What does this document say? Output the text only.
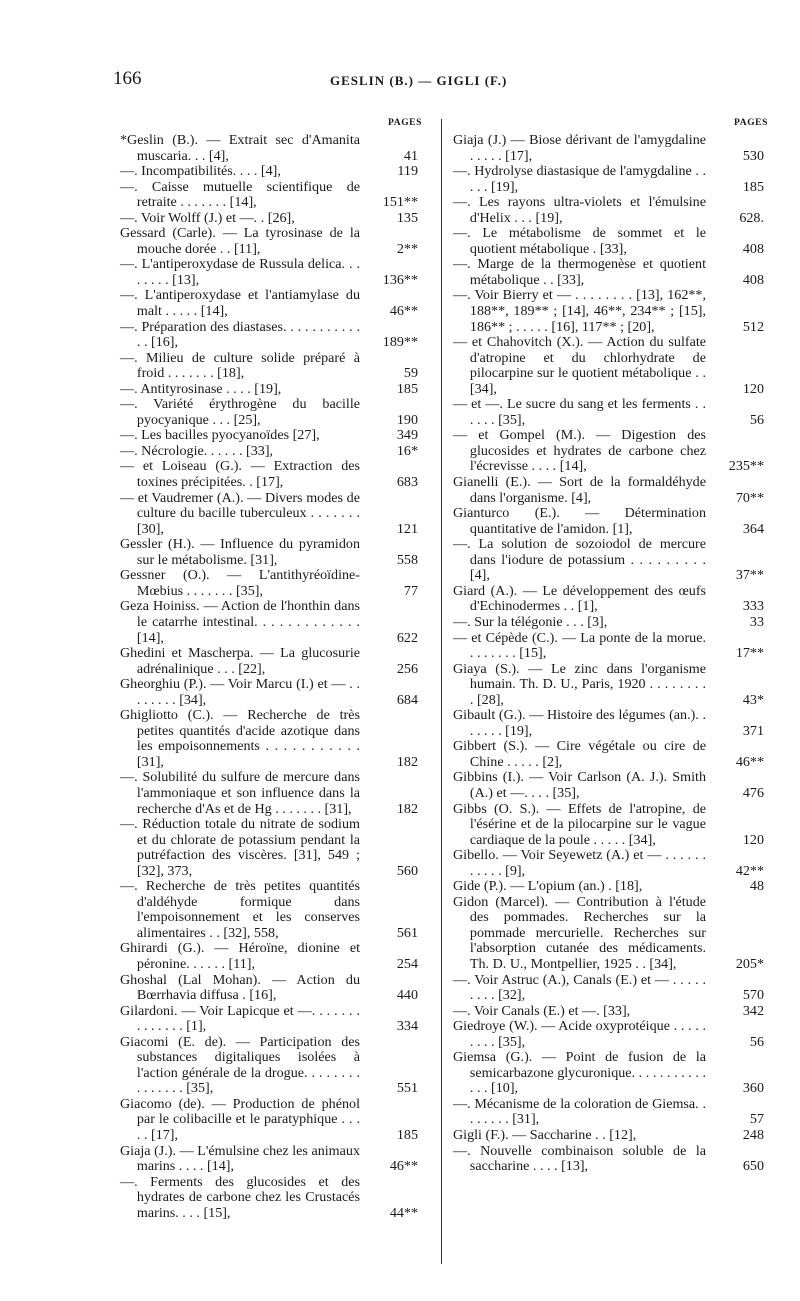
166	GESLIN (B.) — GIGLI (F.)
PAGES
*Geslin (B.). — Extrait sec d'Amanita muscaria. . . [4],	41
—. Incompatibilités. . . . [4],	119
—. Caisse mutuelle scientifique de retraite . . . . . . . [14],	151**
—. Voir Wolff (J.) et —. . [26],	135
Gessard (Carle). — La tyrosinase de la mouche dorée . . [11],	2**
—. L'antiperoxydase de Russula delica. . . . . . . . [13],	136**
—. L'antiperoxydase et l'antiamylase du malt . . . . . [14],	46**
—. Préparation des diastases. . . . . . . . . . . . . [16],	189**
—. Milieu de culture solide préparé à froid . . . . . . . [18],	59
—. Antityrosinase . . . . [19],	185
—. Variété érythrogène du bacille pyocyanique . . . [25],	190
—. Les bacilles pyocyanoïdes [27],	349
—. Nécrologie. . . . . . [33],	16*
— et Loiseau (G.). — Extraction des toxines précipitées. . [17],	683
— et Vaudremer (A.). — Divers modes de culture du bacille tuberculeux . . . . . . . [30],	121
Gessler (H.). — Influence du pyramidon sur le métabolisme. [31],	558
Gessner (O.). — L'antithyréoïdine-Mœbius . . . . . . . [35],	77
Geza Hoiniss. — Action de l'honthin dans le catarrhe intestinal. . . . . . . . . . . . . [14],	622
Ghedini et Mascherpa. — La glucosurie adrénalinique . . . [22],	256
Gheorghiu (P.). — Voir Marcu (I.) et — . . . . . . . . [34],	684
Ghigliotto (C.). — Recherche de très petites quantités d'acide azotique dans les empoisonnements . . . . . . . . . . . [31],	182
—. Solubilité du sulfure de mercure dans l'ammoniaque et son influence dans la recherche d'As et de Hg . . . . . . . [31],	182
—. Réduction totale du nitrate de sodium et du chlorate de potassium pendant la putréfaction des viscères. [31], 549 ; [32], 373,	560
—. Recherche de très petites quantités d'aldéhyde formique dans l'empoisonnement et les conserves alimentaires . . [32], 558,	561
Ghirardi (G.). — Héroïne, dionine et péronine. . . . . . [11],	254
Ghoshal (Lal Mohan). — Action du Bœrrhavia diffusa . [16],	440
Gilardoni. — Voir Lapicque et —. . . . . . . . . . . . . . [1],	334
Giacomi (E. de). — Participation des substances digitaliques isolées à l'action générale de la drogue. . . . . . . . . . . . . . . [35],	551
Giacomo (de). — Production de phénol par le colibacille et le paratyphique . . . . . [17],	185
Giaja (J.). — L'émulsine chez les animaux marins . . . . [14],	46**
—. Ferments des glucosides et des hydrates de carbone chez les Crustacés marins. . . . [15],	44**
PAGES
Giaja (J.) — Biose dérivant de l'amygdaline . . . . . [17],	530
—. Hydrolyse diastasique de l'amygdaline . . . . . [19],	185
—. Les rayons ultra-violets et l'émulsine d'Helix . . . [19],	628.
—. Le métabolisme de sommet et le quotient métabolique . [33],	408
—. Marge de la thermogenèse et quotient métabolique . . [33],	408
—. Voir Bierry et — . . . . . . . . [13], 162**, 188**, 189** ; [14], 46**, 234** ; [15], 186** ; . . . . . [16], 117** ; [20],	512
— et Chahovitch (X.). — Action du sulfate d'atropine et du chlorhydrate de pilocarpine sur le quotient métabolique . . [34],	120
— et —. Le sucre du sang et les ferments . . . . . . [35],	56
— et Gompel (M.). — Digestion des glucosides et hydrates de carbone chez l'écrevisse . . . . [14],	235**
Gianelli (E.). — Sort de la formaldéhyde dans l'organisme. [4],	70**
Gianturco (E.). — Détermination quantitative de l'amidon. [1],	364
—. La solution de sozoiodol de mercure dans l'iodure de potassium . . . . . . . . . [4],	37**
Giard (A.). — Le développement des œufs d'Echinodermes . . [1],	333
—. Sur la télégonie . . . [3],	33
— et Cépède (C.). — La ponte de la morue. . . . . . . . [15],	17**
Giaya (S.). — Le zinc dans l'organisme humain. Th. D. U., Paris, 1920 . . . . . . . . . [28],	43*
Gibault (G.). — Histoire des légumes (an.). . . . . . . [19],	371
Gibbert (S.). — Cire végétale ou cire de Chine . . . . . [2],	46**
Gibbins (I.). — Voir Carlson (A. J.). Smith (A.) et —. . . . [35],	476
Gibbs (O. S.). — Effets de l'atropine, de l'ésérine et de la pilocarpine sur le vague cardiaque de la poule . . . . . [34],	120
Gibello. — Voir Seyewetz (A.) et — . . . . . . . . . . . [9],	42**
Gide (P.). — L'opium (an.) . [18],	48
Gidon (Marcel). — Contribution à l'étude des pommades. Recherches sur la pommade mercurielle. Recherches sur l'absorption cutanée des médicaments. Th. D. U., Montpellier, 1925 . . [34],	205*
—. Voir Astruc (A.), Canals (E.) et — . . . . . . . . . [32],	570
—. Voir Canals (E.) et —. [33],	342
Giedroye (W.). — Acide oxyprotéique . . . . . . . . . [35],	56
Giemsa (G.). — Point de fusion de la semicarbazone glycuronique. . . . . . . . . . . . . . [10],	360
—. Mécanisme de la coloration de Giemsa. . . . . . . . [31],	57
Gigli (F.). — Saccharine . . [12],	248
—. Nouvelle combinaison soluble de la saccharine . . . . [13],	650
